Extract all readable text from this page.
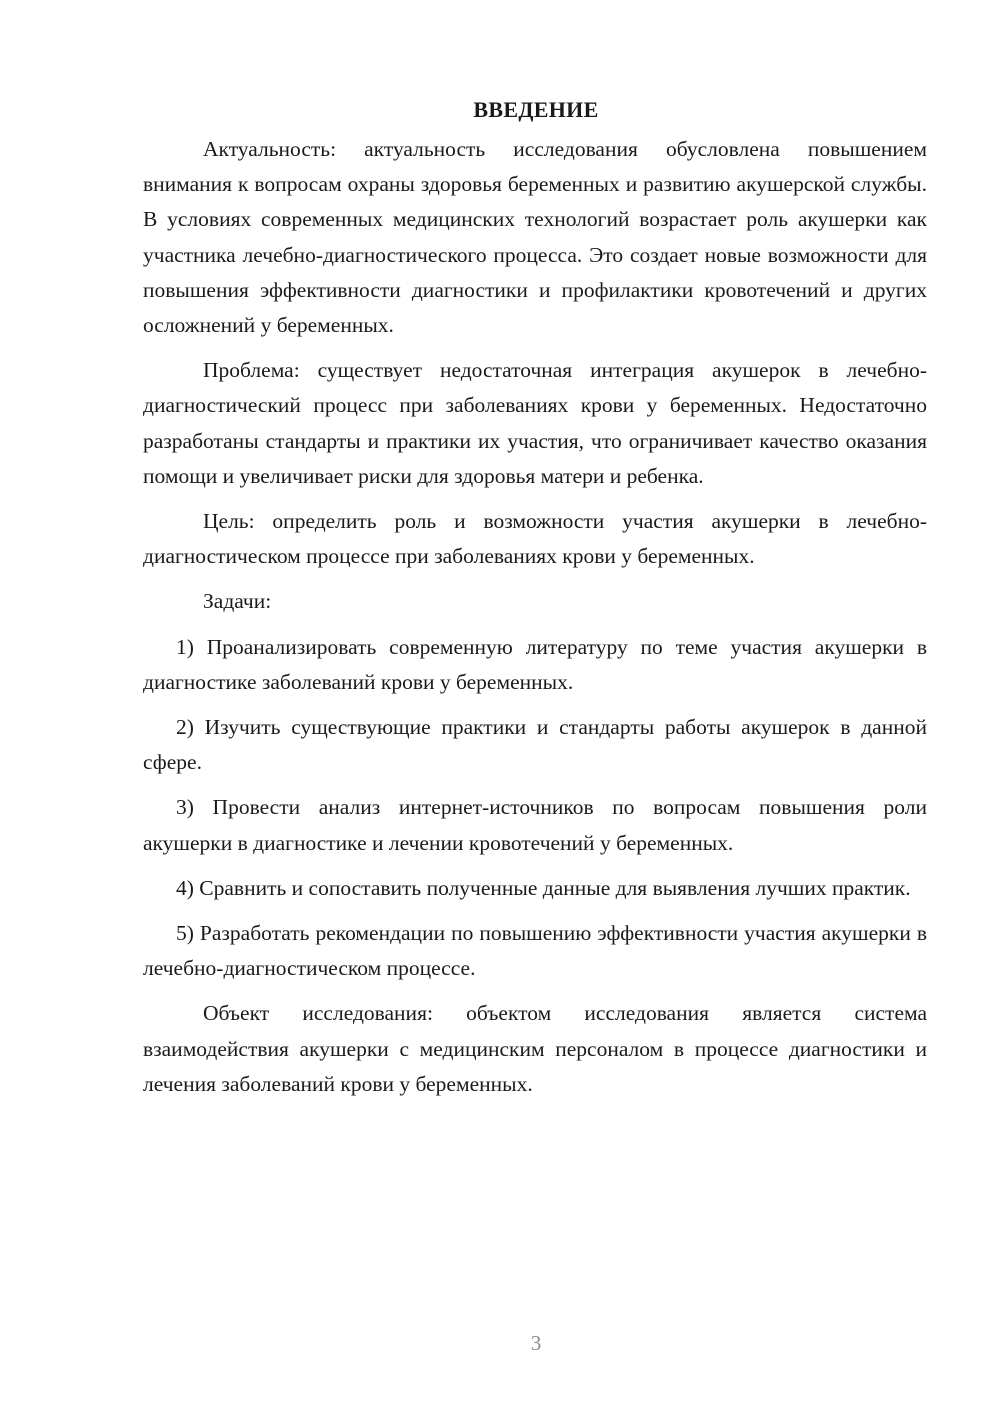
ВВЕДЕНИЕ

Актуальность: актуальность исследования обусловлена повышением внимания к вопросам охраны здоровья беременных и развитию акушерской службы. В условиях современных медицинских технологий возрастает роль акушерки как участника лечебно-диагностического процесса. Это создает новые возможности для повышения эффективности диагностики и профилактики кровотечений и других осложнений у беременных.

Проблема: существует недостаточная интеграция акушерок в лечебно-диагностический процесс при заболеваниях крови у беременных. Недостаточно разработаны стандарты и практики их участия, что ограничивает качество оказания помощи и увеличивает риски для здоровья матери и ребенка.

Цель: определить роль и возможности участия акушерки в лечебно-диагностическом процессе при заболеваниях крови у беременных.

Задачи:

1) Проанализировать современную литературу по теме участия акушерки в диагностике заболеваний крови у беременных.

2) Изучить существующие практики и стандарты работы акушерок в данной сфере.

3) Провести анализ интернет-источников по вопросам повышения роли акушерки в диагностике и лечении кровотечений у беременных.

4) Сравнить и сопоставить полученные данные для выявления лучших практик.

5) Разработать рекомендации по повышению эффективности участия акушерки в лечебно-диагностическом процессе.

Объект исследования: объектом исследования является система взаимодействия акушерки с медицинским персоналом в процессе диагностики и лечения заболеваний крови у беременных.

3
